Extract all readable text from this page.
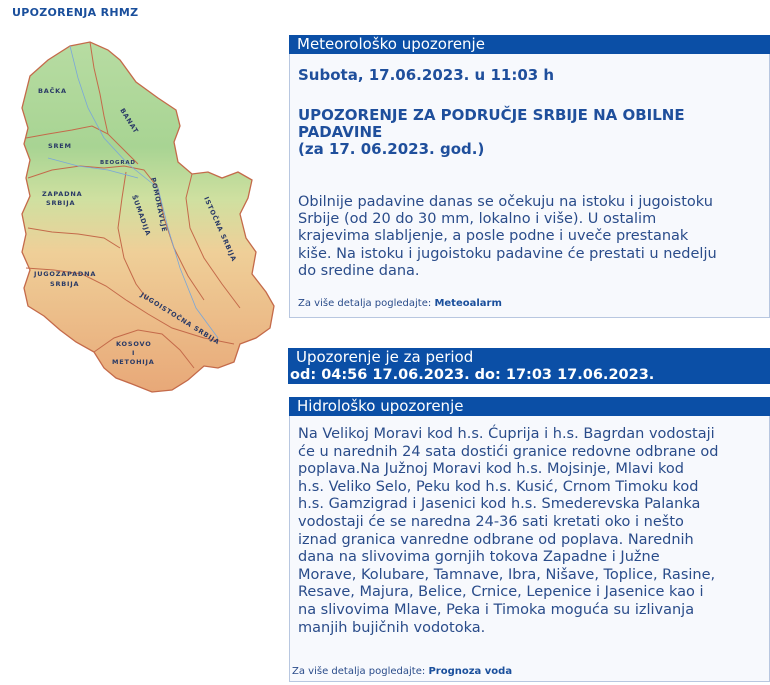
UPOZORENJA RHMZ
BAČKA
BANAT
SREM
BEOGRAD
ZAPADNA
SRBIJA	ŠUMADIJA
POMORAVLJE	ISTOČNA SRBIJA
JUGOZAPADNA
SRBIJA
JUGOISTOČNA SRBIJA
KOSOVO
I
METOHIJA
Meteorološko upozorenje
Subota, 17.06.2023. u 11:03 h
UPOZORENJE ZA PODRUČJE SRBIJE NA OBILNE
PADAVINE
(za 17. 06.2023. god.)
Obilnije padavine danas se očekuju na istoku i jugoistoku
Srbije (od 20 do 30 mm, lokalno i više). U ostalim
krajevima slabljenje, a posle podne i uveče prestanak
kiše. Na istoku i jugoistoku padavine će prestati u nedelju
do sredine dana.
Za više detalja pogledajte: Meteoalarm
Upozorenje je za period
od: 04:56 17.06.2023. do: 17:03 17.06.2023.
Hidrološko upozorenje
Na Velikoj Moravi kod h.s. Ćuprija i h.s. Bagrdan vodostaji
će u narednih 24 sata dostići granice redovne odbrane od
poplava.Na Južnoj Moravi kod h.s. Mojsinje, Mlavi kod
h.s. Veliko Selo, Peku kod h.s. Kusić, Crnom Timoku kod
h.s. Gamzigrad i Jasenici kod h.s. Smederevska Palanka
vodostaji će se naredna 24-36 sati kretati oko i nešto
iznad granica vanredne odbrane od poplava. Narednih
dana na slivovima gornjih tokova Zapadne i Južne
Morave, Kolubare, Tamnave, Ibra, Nišave, Toplice, Rasine,
Resave, Majura, Belice, Crnice, Lepenice i Jasenice kao i
na slivovima Mlave, Peka i Timoka moguća su izlivanja
manjih bujičnih vodotoka.
Za više detalja pogledajte: Prognoza voda
